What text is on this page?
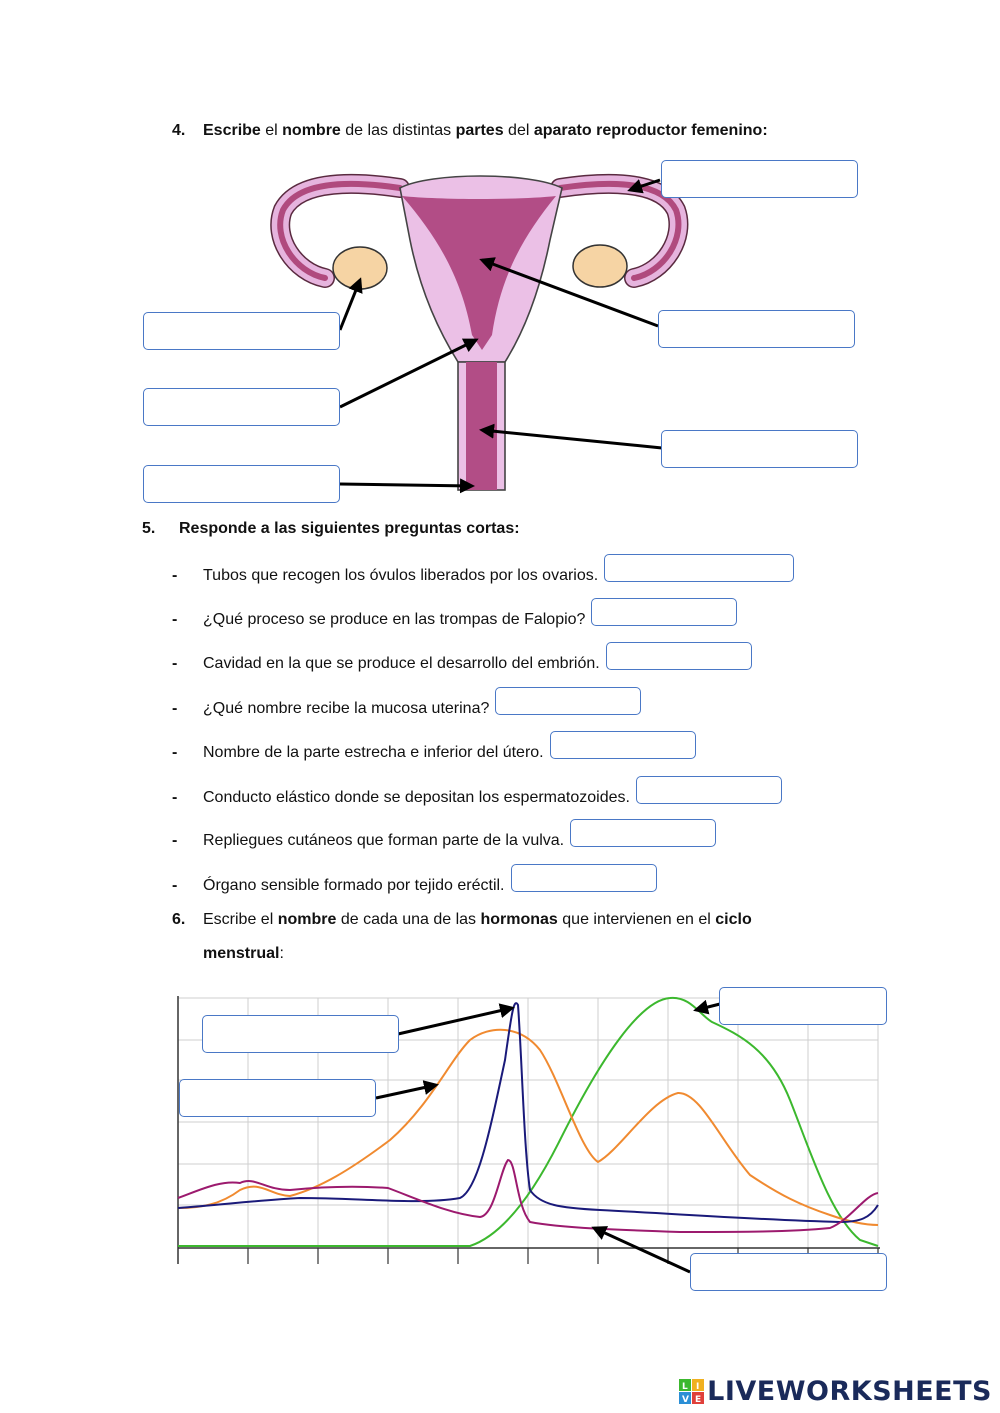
4. Escribe el nombre de las distintas partes del aparato reproductor femenino:
5. Responde a las siguientes preguntas cortas:
- Tubos que recogen los óvulos liberados por los ovarios.
- ¿Qué proceso se produce en las trompas de Falopio?
- Cavidad en la que se produce el desarrollo del embrión.
- ¿Qué nombre recibe la mucosa uterina?
- Nombre de la parte estrecha e inferior del útero.
- Conducto elástico donde se depositan los espermatozoides.
- Repliegues cutáneos que forman parte de la vulva.
- Órgano sensible formado por tejido eréctil.
6. Escribe el nombre de cada una de las hormonas que intervienen en el ciclo
menstrual:
L I
V E LIVEWORKSHEETS
